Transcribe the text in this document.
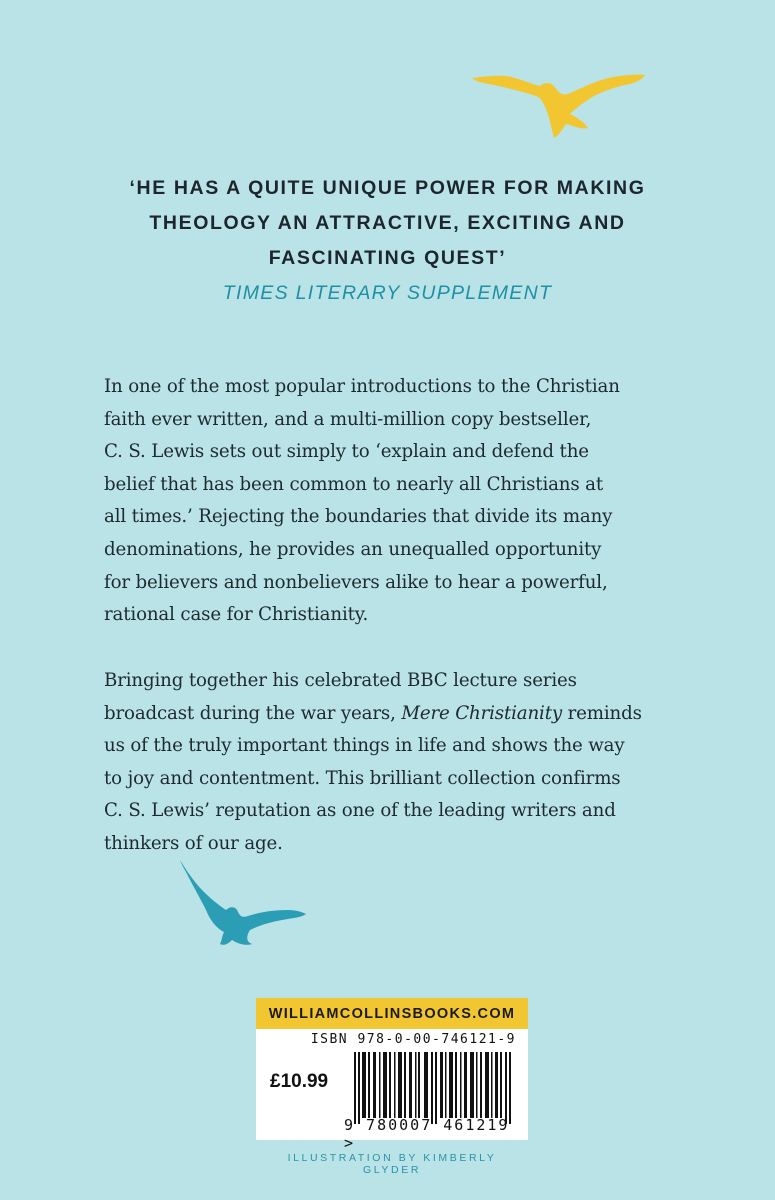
‘HE HAS A QUITE UNIQUE POWER FOR MAKING
THEOLOGY AN ATTRACTIVE, EXCITING AND
FASCINATING QUEST’
TIMES LITERARY SUPPLEMENT
In one of the most popular introductions to the Christian
faith ever written, and a multi-million copy bestseller,
C. S. Lewis sets out simply to ‘explain and defend the
belief that has been common to nearly all Christians at
all times.’ Rejecting the boundaries that divide its many
denominations, he provides an unequalled opportunity
for believers and nonbelievers alike to hear a powerful,
rational case for Christianity.
Bringing together his celebrated BBC lecture series
broadcast during the war years, Mere Christianity reminds
us of the truly important things in life and shows the way
to joy and contentment. This brilliant collection confirms
C. S. Lewis’ reputation as one of the leading writers and
thinkers of our age.
WILLIAMCOLLINSBOOKS.COM
ISBN 978-0-00-746121-9
£10.99
9 780007 461219 >
ILLUSTRATION BY KIMBERLY GLYDER
